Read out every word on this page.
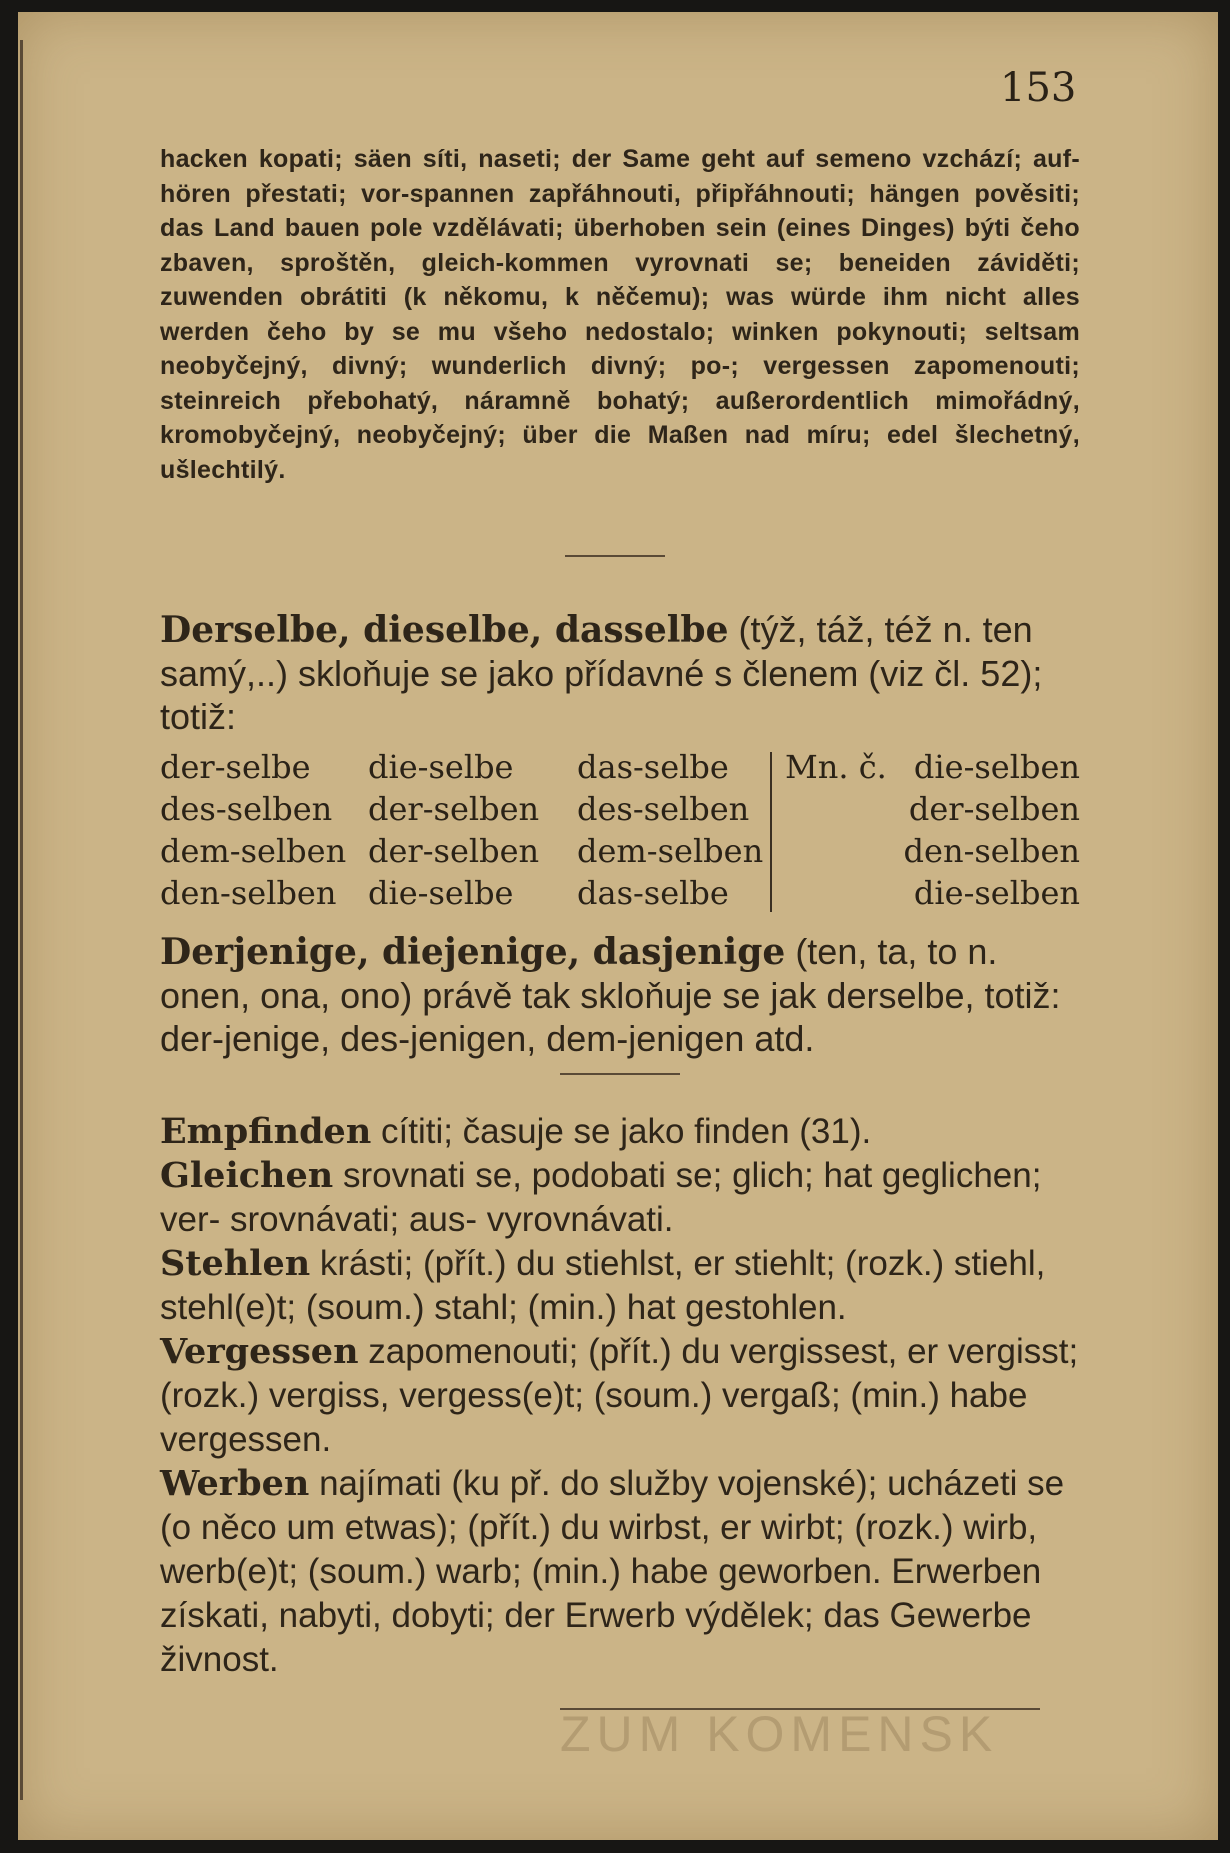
153
hacken kopati; säen síti, naseti; der Same geht auf semeno vzchází; auf-hören přestati; vor-spannen zapřáhnouti, připřáhnouti; hängen pověsiti; das Land bauen pole vzdělávati; überhoben sein (eines Dinges) býti čeho zbaven, sproštěn, gleich-kommen vyrovnati se; beneiden záviděti; zuwenden obrátiti (k někomu, k něčemu); was würde ihm nicht alles werden čeho by se mu všeho nedostalo; winken pokynouti; seltsam neobyčejný, divný; wunderlich divný; po-; vergessen zapomenouti; steinreich přebohatý, náramně bohatý; außerordentlich mimořádný, kromobyčejný, neobyčejný; über die Maßen nad míru; edel šlechetný, ušlechtilý.
Derselbe, dieselbe, dasselbe (týž, táž, též n. ten samý,..) skloňuje se jako přídavné s členem (viz čl. 52); totiž:
der-selbe die-selbe das-selbe Mn. č. die-selben
des-selben der-selben des-selben	der-selben
dem-selben der-selben dem-selben	den-selben
den-selben die-selbe das-selbe	die-selben
Derjenige, diejenige, dasjenige (ten, ta, to n. onen, ona, ono) právě tak skloňuje se jak derselbe, totiž: der-jenige, des-jenigen, dem-jenigen atd.

Empfinden cítiti; časuje se jako finden (31).

Gleichen srovnati se, podobati se; glich; hat geglichen; ver- srovnávati; aus- vyrovnávati.

Stehlen krásti; (přít.) du stiehlst, er stiehlt; (rozk.) stiehl, stehl(e)t; (soum.) stahl; (min.) hat gestohlen.

Vergessen zapomenouti; (přít.) du vergissest, er vergisst; (rozk.) vergiss, vergess(e)t; (soum.) vergaß; (min.) habe vergessen.

Werben najímati (ku př. do služby vojenské); ucházeti se (o něco um etwas); (přít.) du wirbst, er wirbt; (rozk.) wirb, werb(e)t; (soum.) warb; (min.) habe geworben. Erwerben získati, nabyti, dobyti; der Erwerb výdělek; das Gewerbe živnost.

ZUM KOMENSK
